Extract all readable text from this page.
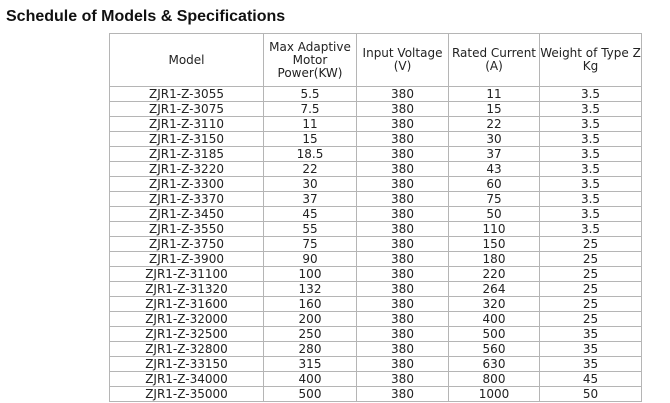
Schedule of Models & Specifications
Model	Max Adaptive Motor Power(KW)	Input Voltage (V)	Rated Current (A)	Weight of Type Z Kg
ZJR1-Z-3055	5.5	380	11	3.5
ZJR1-Z-3075	7.5	380	15	3.5
ZJR1-Z-3110	11	380	22	3.5
ZJR1-Z-3150	15	380	30	3.5
ZJR1-Z-3185	18.5	380	37	3.5
ZJR1-Z-3220	22	380	43	3.5
ZJR1-Z-3300	30	380	60	3.5
ZJR1-Z-3370	37	380	75	3.5
ZJR1-Z-3450	45	380	50	3.5
ZJR1-Z-3550	55	380	110	3.5
ZJR1-Z-3750	75	380	150	25
ZJR1-Z-3900	90	380	180	25
ZJR1-Z-31100	100	380	220	25
ZJR1-Z-31320	132	380	264	25
ZJR1-Z-31600	160	380	320	25
ZJR1-Z-32000	200	380	400	25
ZJR1-Z-32500	250	380	500	35
ZJR1-Z-32800	280	380	560	35
ZJR1-Z-33150	315	380	630	35
ZJR1-Z-34000	400	380	800	45
ZJR1-Z-35000	500	380	1000	50
